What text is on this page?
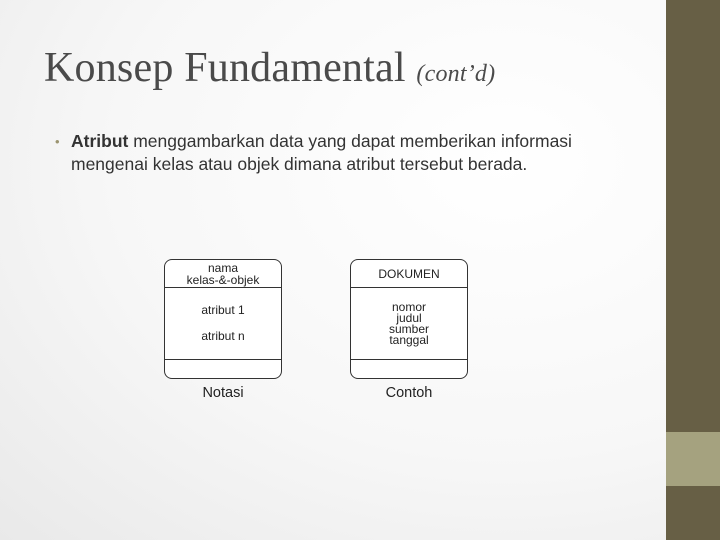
Konsep Fundamental (cont’d)
• Atribut menggambarkan data yang dapat memberikan informasi mengenai kelas atau objek dimana atribut tersebut berada.
nama
kelas-&-objek
atribut 1
atribut n
Notasi
DOKUMEN
nomor
judul
sumber
tanggal
Contoh
